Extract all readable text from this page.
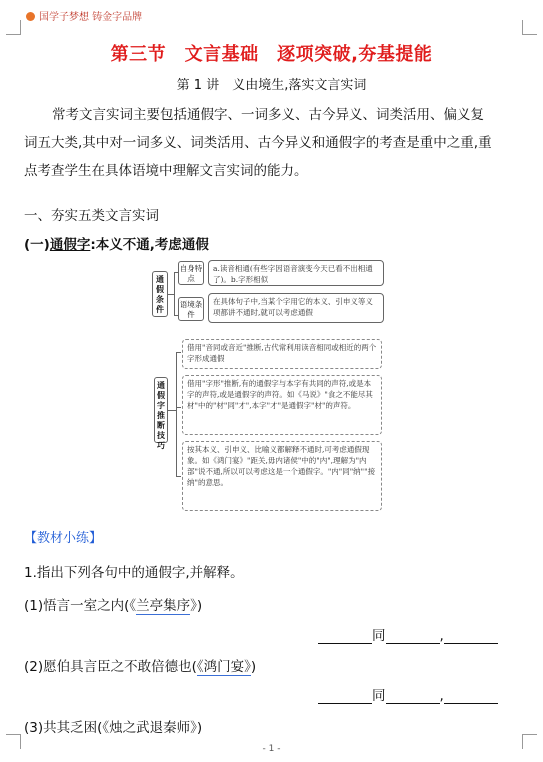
国学子梦想 铸金字品牌
第三节　文言基础　逐项突破,夯基提能
第 1 讲　义由境生,落实文言实词
常考文言实词主要包括通假字、一词多义、古今异义、词类活用、偏义复
词五大类,其中对一词多义、词类活用、古今异义和通假字的考查是重中之重,重
点考查学生在具体语境中理解文言实词的能力。
一、夯实五类文言实词
(一)通假字:本义不通,考虑通假
通假条件
自身特点
a.读音相通(有些字因语音演变今天已看不出相通了)。b.字形相似
语境条件
在具体句子中,当某个字用它的本义、引申义等义项都讲不通时,就可以考虑通假
通假字推断技巧
借用"音同或音近"推断,古代常利用读音相同或相近的两个字形成通假
借用"字形"推断,有的通假字与本字有共同的声符,或是本字的声符,或是通假字的声符。如《马说》"食之不能尽其材"中的"材"同"才",本字"才"是通假字"材"的声符。
按其本义、引申义、比喻义都解释不通时,可考虑通假现象。如《鸿门宴》"距关,毋内诸侯"中的"内",理解为"内部"说不通,所以可以考虑这是一个通假字。"内"同"纳""接纳"的意思。
【教材小练】
1.指出下列各句中的通假字,并解释。
(1)悟言一室之内(《兰亭集序》)
同	,
(2)愿伯具言臣之不敢倍德也(《鸿门宴》)
同	,
(3)共其乏困(《烛之武退秦师》)
- 1 -
